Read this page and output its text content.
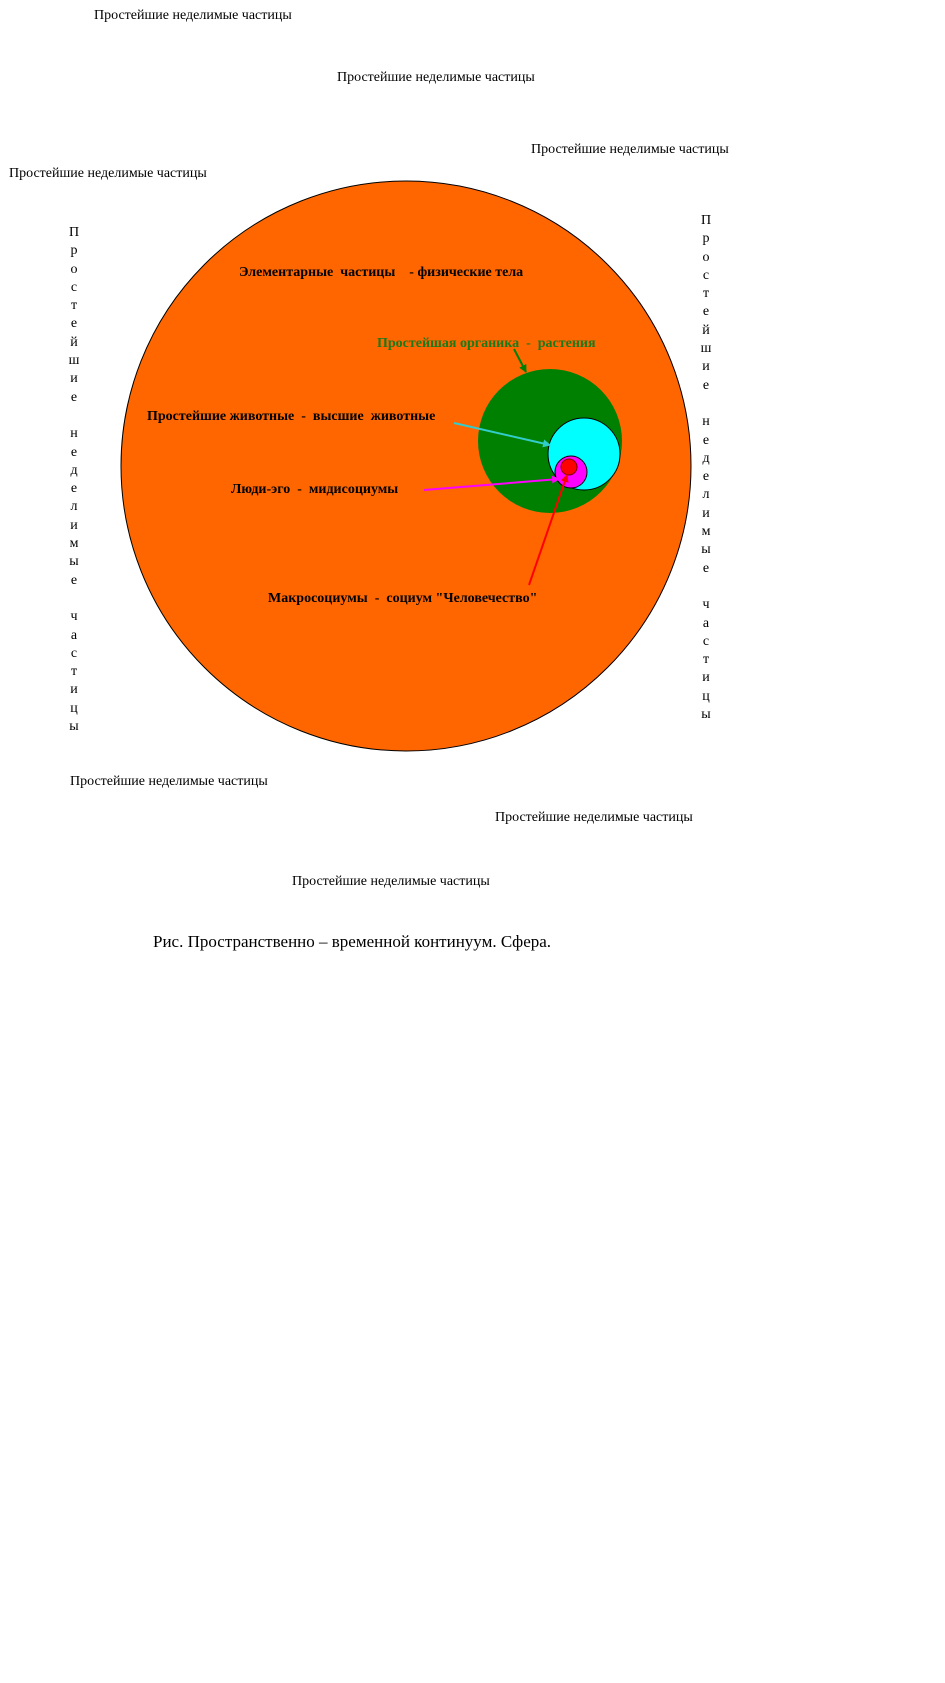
Простейшие неделимые частицы
Простейшие неделимые частицы
Простейшие неделимые частицы
Простейшие неделимые частицы
П
р
о
с
т
е
й
ш
и
е

н
е
д
е
л
и
м
ы
е

ч
а
с
т
и
ц
ы
П
р
о
с
т
е
й
ш
и
е

н
е
д
е
л
и
м
ы
е

ч
а
с
т
и
ц
ы
Простейшие неделимые частицы
Простейшие неделимые частицы
Простейшие неделимые частицы
Элементарные  частицы    - физические тела
Простейшая органика  -  растения
Простейшие животные  -  высшие  животные
Люди-эго  -  мидисоциумы
Макросоциумы  -  социум "Человечество"
Рис. Пространственно – временной континуум. Сфера.
